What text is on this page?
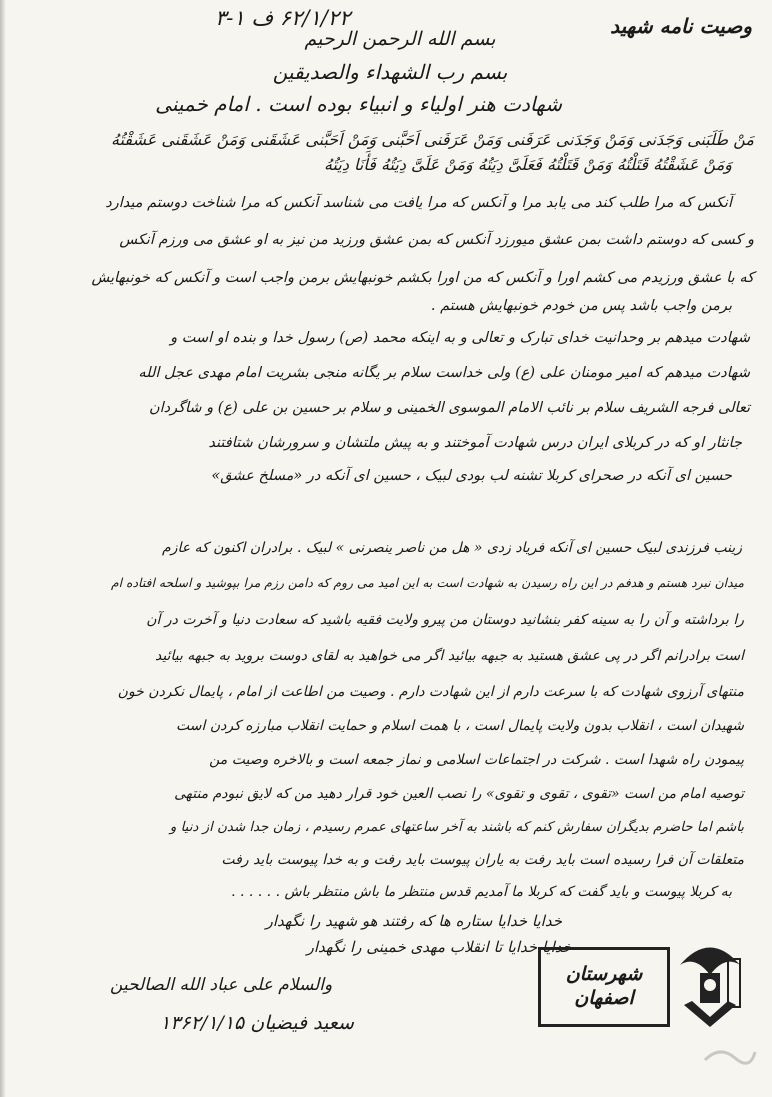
۶۲/۱/۲۲ ف ۱-۳	وصیت نامه شهید
بسم الله الرحمن الرحیم
بسم رب الشهداء والصدیقین
شهادت هنر اولیاء و انبیاء بوده است . امام خمینی
مَنْ طَلَبَنی وَجَدَنی وَمَنْ وَجَدَنی عَرَفَنی وَمَنْ عَرَفَنی اَحَبَّنی وَمَنْ اَحَبَّنی عَشَقَنی وَمَنْ عَشَقَنی عَشَقْتُهُ
وَمَنْ عَشَقْتُهُ قَتَلْتُهُ وَمَنْ قَتَلْتُهُ فَعَلَیَّ دِیَتُهُ وَمَنْ عَلَیَّ دِیَتُهُ فَأَنَا دِیَتُهُ
آنکس که مرا طلب کند می یابد مرا و آنکس که مرا یافت می شناسد آنکس که مرا شناخت دوستم میدارد
و کسی که دوستم داشت بمن عشق میورزد آنکس که بمن عشق ورزید من نیز به او عشق می ورزم آنکس
که با عشق ورزیدم می کشم اورا و آنکس که من اورا بکشم خونبهایش برمن واجب است و آنکس که خونبهایش
برمن واجب باشد پس من خودم خونبهایش هستم .
شهادت میدهم بر وحدانیت خدای تبارک و تعالی و به اینکه محمد (ص) رسول خدا و بنده او است و
شهادت میدهم که امیر مومنان علی (ع) ولی خداست سلام بر یگانه منجی بشریت امام مهدی عجل الله
تعالی فرجه الشریف سلام بر نائب الامام الموسوی الخمینی و سلام بر حسین بن علی (ع) و شاگردان
جانثار او که در کربلای ایران درس شهادت آموختند و به پیش ملتشان و سرورشان شتافتند
حسین ای آنکه در صحرای کربلا تشنه لب بودی لبیک ، حسین ای آنکه در «مسلخ عشق»
زینب فرزندی لبیک حسین ای آنکه فریاد زدی « هل من ناصر ینصرنی » لبیک . برادران اکنون که عازم
میدان نبرد هستم و هدفم در این راه رسیدن به شهادت است به این امید می روم که دامن رزم مرا بپوشید و اسلحه افتاده ام
را برداشته و آن را به سینه کفر بنشانید دوستان من پیرو ولایت فقیه باشید که سعادت دنیا و آخرت در آن
است برادرانم اگر در پی عشق هستید به جبهه بیائید اگر می خواهید به لقای دوست بروید به جبهه بیائید
منتهای آرزوی شهادت که با سرعت دارم از این شهادت دارم . وصیت من اطاعت از امام ، پایمال نکردن خون
شهیدان است ، انقلاب بدون ولایت پایمال است ، با همت اسلام و حمایت انقلاب مبارزه کردن است
پیمودن راه شهدا است . شرکت در اجتماعات اسلامی و نماز جمعه است و بالاخره وصیت من
توصیه امام من است «تقوی ، تقوی و تقوی» را نصب العین خود قرار دهید من که لایق نبودم منتهی
باشم اما حاضرم بدیگران سفارش کنم که باشند به آخر ساعتهای عمرم رسیدم ، زمان جدا شدن از دنیا و
متعلقات آن فرا رسیده است باید رفت به یاران پیوست باید رفت و به خدا پیوست باید رفت
به کربلا پیوست و باید گفت که کربلا ما آمدیم قدس منتظر ما باش منتظر باش . . . . . .
خدایا خدایا ستاره ها که رفتند هو شهید را نگهدار
خدایا خدایا تا انقلاب مهدی خمینی را نگهدار
والسلام علی عباد الله الصالحین
سعید فیضیان ۱۳۶۲/۱/۱۵
شهرستان
اصفهان
